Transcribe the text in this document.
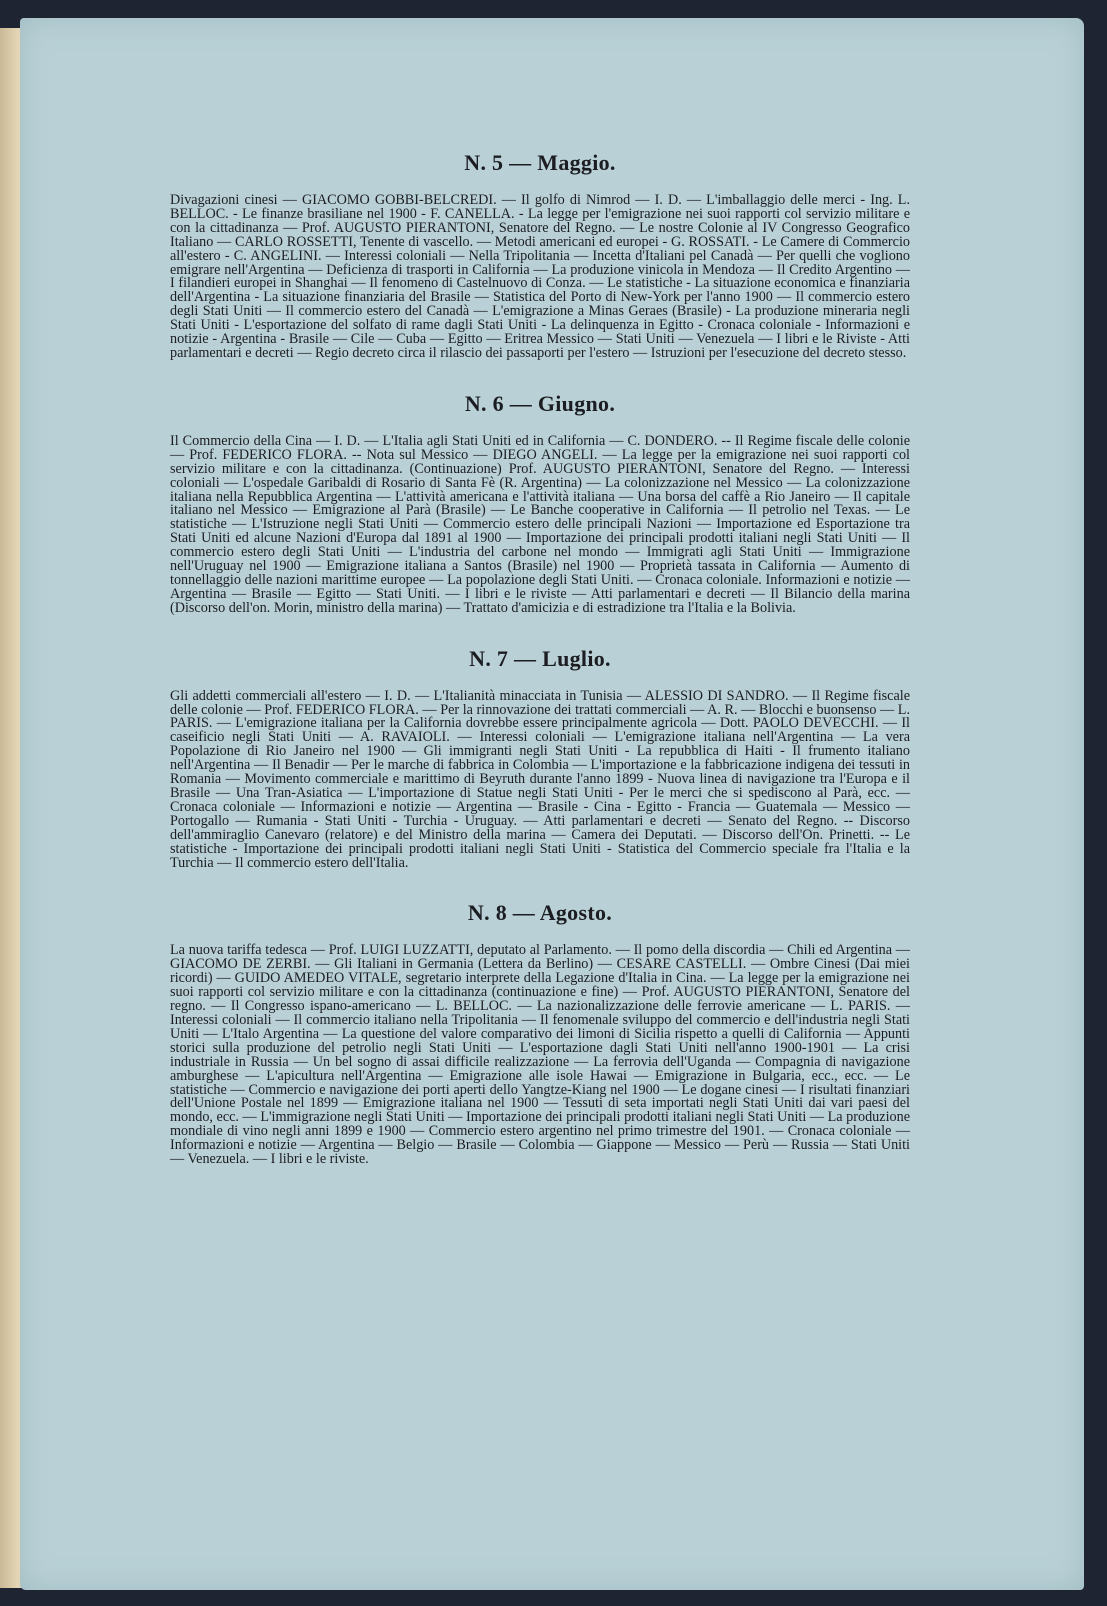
N. 5 — Maggio.

Divagazioni cinesi — GIACOMO GOBBI-BELCREDI. — Il golfo di Nimrod — I. D. — L'imballaggio delle merci - Ing. L. BELLOC. - Le finanze brasiliane nel 1900 - F. CANELLA. - La legge per l'emigrazione nei suoi rapporti col servizio militare e con la cittadinanza — Prof. AUGUSTO PIERANTONI, Senatore del Regno. — Le nostre Colonie al IV Congresso Geografico Italiano — CARLO ROSSETTI, Tenente di vascello. — Metodi americani ed europei - G. ROSSATI. - Le Camere di Commercio all'estero - C. ANGELINI. — Interessi coloniali — Nella Tripolitania — Incetta d'Italiani pel Canadà — Per quelli che vogliono emigrare nell'Argentina — Deficienza di trasporti in California — La produzione vinicola in Mendoza — Il Credito Argentino — I filandieri europei in Shanghai — Il fenomeno di Castelnuovo di Conza. — Le statistiche - La situazione economica e finanziaria dell'Argentina - La situazione finanziaria del Brasile — Statistica del Porto di New-York per l'anno 1900 — Il commercio estero degli Stati Uniti — Il commercio estero del Canadà — L'emigrazione a Minas Geraes (Brasile) - La produzione mineraria negli Stati Uniti - L'esportazione del solfato di rame dagli Stati Uniti - La delinquenza in Egitto - Cronaca coloniale - Informazioni e notizie - Argentina - Brasile — Cile — Cuba — Egitto — Eritrea Messico — Stati Uniti — Venezuela — I libri e le Riviste - Atti parlamentari e decreti — Regio decreto circa il rilascio dei passaporti per l'estero — Istruzioni per l'esecuzione del decreto stesso.

N. 6 — Giugno.

Il Commercio della Cina — I. D. — L'Italia agli Stati Uniti ed in California — C. DONDERO. -- Il Regime fiscale delle colonie — Prof. FEDERICO FLORA. -- Nota sul Messico — DIEGO ANGELI. — La legge per la emigrazione nei suoi rapporti col servizio militare e con la cittadinanza. (Continuazione) Prof. AUGUSTO PIERANTONI, Senatore del Regno. — Interessi coloniali — L'ospedale Garibaldi di Rosario di Santa Fè (R. Argentina) — La colonizzazione nel Messico — La colonizzazione italiana nella Repubblica Argentina — L'attività americana e l'attività italiana — Una borsa del caffè a Rio Janeiro — Il capitale italiano nel Messico — Emigrazione al Parà (Brasile) — Le Banche cooperative in California — Il petrolio nel Texas. — Le statistiche — L'Istruzione negli Stati Uniti — Commercio estero delle principali Nazioni — Importazione ed Esportazione tra Stati Uniti ed alcune Nazioni d'Europa dal 1891 al 1900 — Importazione dei principali prodotti italiani negli Stati Uniti — Il commercio estero degli Stati Uniti — L'industria del carbone nel mondo — Immigrati agli Stati Uniti — Immigrazione nell'Uruguay nel 1900 — Emigrazione italiana a Santos (Brasile) nel 1900 — Proprietà tassata in California — Aumento di tonnellaggio delle nazioni marittime europee — La popolazione degli Stati Uniti. — Cronaca coloniale. Informazioni e notizie — Argentina — Brasile — Egitto — Stati Uniti. — I libri e le riviste — Atti parlamentari e decreti — Il Bilancio della marina (Discorso dell'on. Morin, ministro della marina) — Trattato d'amicizia e di estradizione tra l'Italia e la Bolivia.

N. 7 — Luglio.

Gli addetti commerciali all'estero — I. D. — L'Italianità minacciata in Tunisia — ALESSIO DI SANDRO. — Il Regime fiscale delle colonie — Prof. FEDERICO FLORA. — Per la rinnovazione dei trattati commerciali — A. R. — Blocchi e buonsenso — L. PARIS. — L'emigrazione italiana per la California dovrebbe essere principalmente agricola — Dott. PAOLO DEVECCHI. — Il caseificio negli Stati Uniti — A. RAVAIOLI. — Interessi coloniali — L'emigrazione italiana nell'Argentina — La vera Popolazione di Rio Janeiro nel 1900 — Gli immigranti negli Stati Uniti - La repubblica di Haiti - Il frumento italiano nell'Argentina — Il Benadir — Per le marche di fabbrica in Colombia — L'importazione e la fabbricazione indigena dei tessuti in Romania — Movimento commerciale e marittimo di Beyruth durante l'anno 1899 - Nuova linea di navigazione tra l'Europa e il Brasile — Una Tran-Asiatica — L'importazione di Statue negli Stati Uniti - Per le merci che si spediscono al Parà, ecc. — Cronaca coloniale — Informazioni e notizie — Argentina — Brasile - Cina - Egitto - Francia — Guatemala — Messico — Portogallo — Rumania - Stati Uniti - Turchia - Uruguay. — Atti parlamentari e decreti — Senato del Regno. -- Discorso dell'ammiraglio Canevaro (relatore) e del Ministro della marina — Camera dei Deputati. — Discorso dell'On. Prinetti. -- Le statistiche - Importazione dei principali prodotti italiani negli Stati Uniti - Statistica del Commercio speciale fra l'Italia e la Turchia — Il commercio estero dell'Italia.

N. 8 — Agosto.

La nuova tariffa tedesca — Prof. LUIGI LUZZATTI, deputato al Parlamento. — Il pomo della discordia — Chili ed Argentina — GIACOMO DE ZERBI. — Gli Italiani in Germania (Lettera da Berlino) — CESARE CASTELLI. — Ombre Cinesi (Dai miei ricordi) — GUIDO AMEDEO VITALE, segretario interprete della Legazione d'Italia in Cina. — La legge per la emigrazione nei suoi rapporti col servizio militare e con la cittadinanza (continuazione e fine) — Prof. AUGUSTO PIERANTONI, Senatore del regno. — Il Congresso ispano-americano — L. BELLOC. — La nazionalizzazione delle ferrovie americane — L. PARIS. — Interessi coloniali — Il commercio italiano nella Tripolitania — Il fenomenale sviluppo del commercio e dell'industria negli Stati Uniti — L'Italo Argentina — La questione del valore comparativo dei limoni di Sicilia rispetto a quelli di California — Appunti storici sulla produzione del petrolio negli Stati Uniti — L'esportazione dagli Stati Uniti nell'anno 1900-1901 — La crisi industriale in Russia — Un bel sogno di assai difficile realizzazione — La ferrovia dell'Uganda — Compagnia di navigazione amburghese — L'apicultura nell'Argentina — Emigrazione alle isole Hawai — Emigrazione in Bulgaria, ecc., ecc. — Le statistiche — Commercio e navigazione dei porti aperti dello Yangtze-Kiang nel 1900 — Le dogane cinesi — I risultati finanziari dell'Unione Postale nel 1899 — Emigrazione italiana nel 1900 — Tessuti di seta importati negli Stati Uniti dai vari paesi del mondo, ecc. — L'immigrazione negli Stati Uniti — Importazione dei principali prodotti italiani negli Stati Uniti — La produzione mondiale di vino negli anni 1899 e 1900 — Commercio estero argentino nel primo trimestre del 1901. — Cronaca coloniale — Informazioni e notizie — Argentina — Belgio — Brasile — Colombia — Giappone — Messico — Perù — Russia — Stati Uniti — Venezuela. — I libri e le riviste.
